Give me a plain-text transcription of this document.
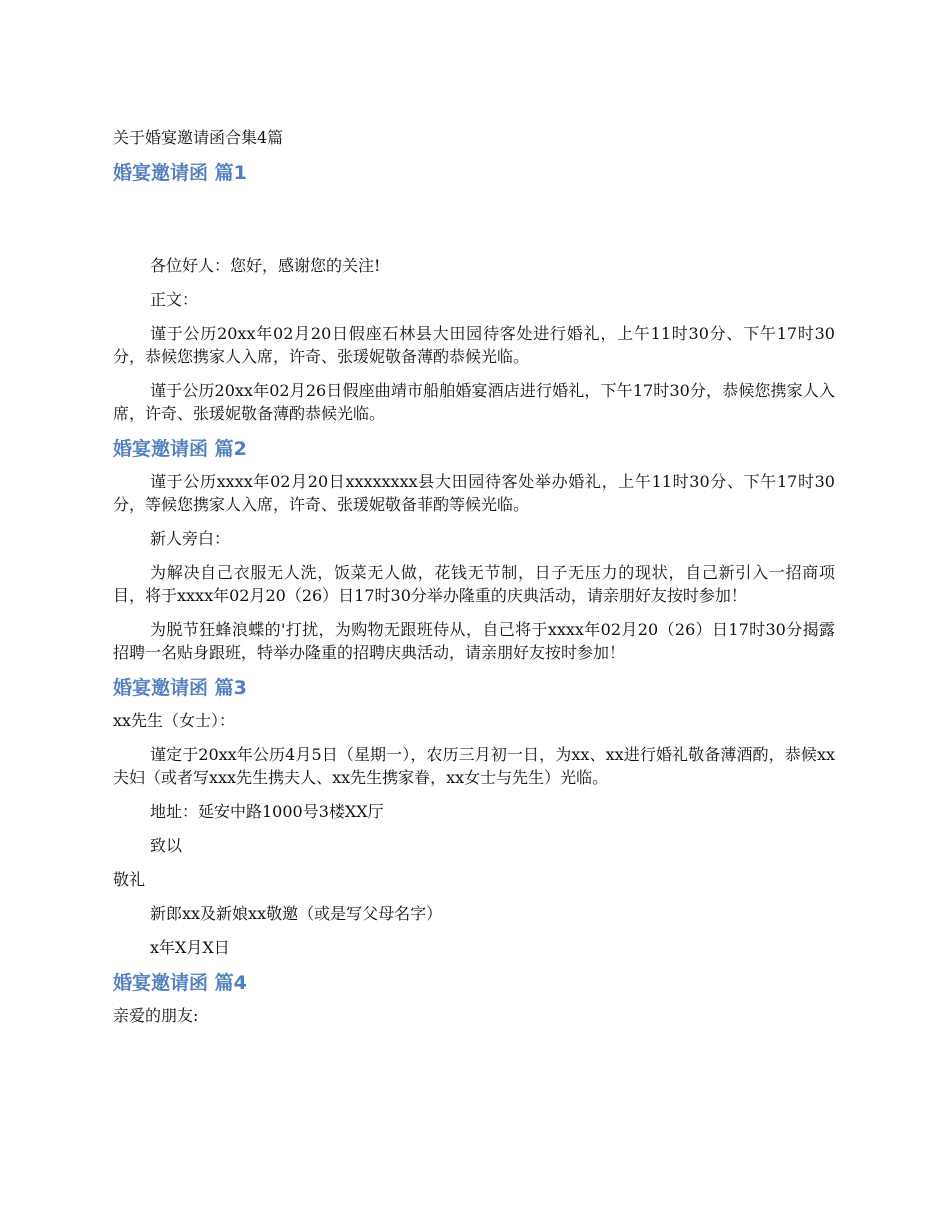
关于婚宴邀请函合集4篇
婚宴邀请函 篇1
各位好人：您好，感谢您的关注!
正文：
谨于公历20xx年02月20日假座石林县大田园待客处进行婚礼，上午11时30分、下午17时30分，恭候您携家人入席，许奇、张瑗妮敬备薄酌恭候光临。
谨于公历20xx年02月26日假座曲靖市船舶婚宴酒店进行婚礼，下午17时30分，恭候您携家人入席，许奇、张瑗妮敬备薄酌恭候光临。
婚宴邀请函 篇2
谨于公历xxxx年02月20日xxxxxxxx县大田园待客处举办婚礼，上午11时30分、下午17时30分，等候您携家人入席，许奇、张瑗妮敬备菲酌等候光临。
新人旁白：
为解决自己衣服无人洗，饭菜无人做，花钱无节制，日子无压力的现状，自己新引入一招商项目，将于xxxx年02月20（26）日17时30分举办隆重的庆典活动，请亲朋好友按时参加！
为脱节狂蜂浪蝶的'打扰，为购物无跟班侍从，自己将于xxxx年02月20（26）日17时30分揭露招聘一名贴身跟班，特举办隆重的招聘庆典活动，请亲朋好友按时参加！
婚宴邀请函 篇3
xx先生（女士）：
谨定于20xx年公历4月5日（星期一），农历三月初一日，为xx、xx进行婚礼敬备薄酒酌，恭候xx夫妇（或者写xxx先生携夫人、xx先生携家眷，xx女士与先生）光临。
地址：延安中路1000号3楼XX厅
致以
敬礼
新郎xx及新娘xx敬邀（或是写父母名字）
x年X月X日
婚宴邀请函 篇4
亲爱的朋友:
